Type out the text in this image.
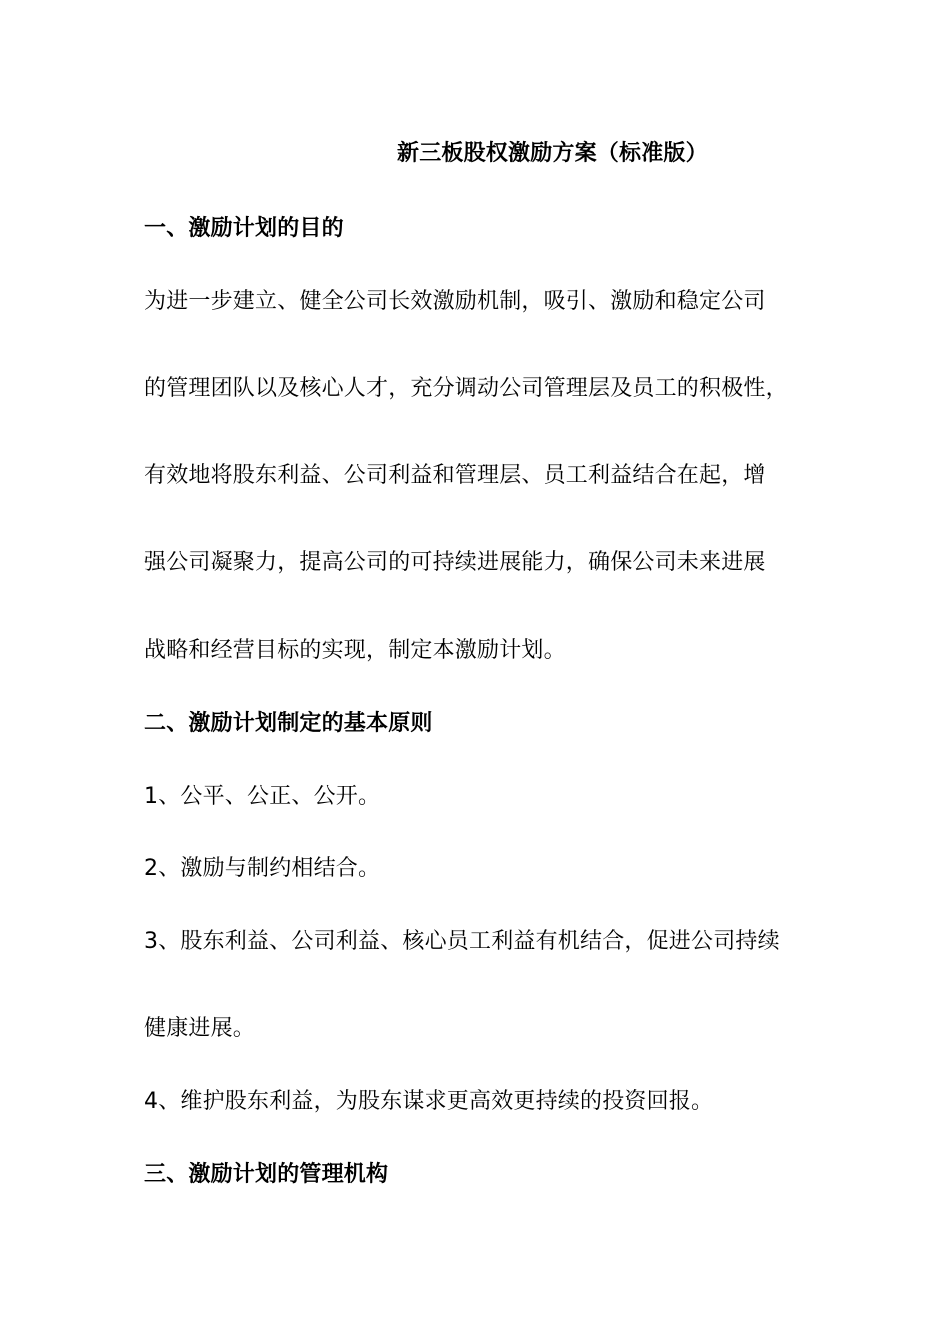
新三板股权激励方案（标准版）
一、激励计划的目的
为进一步建立、健全公司长效激励机制，吸引、激励和稳定公司
的管理团队以及核心人才，充分调动公司管理层及员工的积极性，
有效地将股东利益、公司利益和管理层、员工利益结合在起，增
强公司凝聚力，提高公司的可持续进展能力，确保公司未来进展
战略和经营目标的实现，制定本激励计划。
二、激励计划制定的基本原则
1、公平、公正、公开。
2、激励与制约相结合。
3、股东利益、公司利益、核心员工利益有机结合，促进公司持续
健康进展。
4、维护股东利益，为股东谋求更高效更持续的投资回报。
三、激励计划的管理机构
